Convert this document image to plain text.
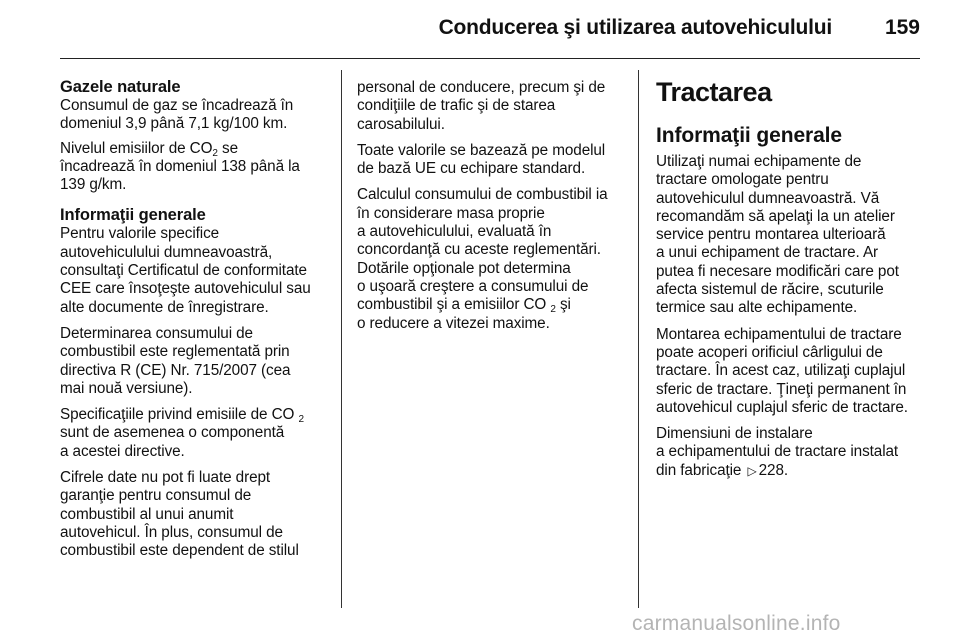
Conducerea şi utilizarea autovehiculului	159
Gazele naturale
Consumul de gaz se încadrează în
domeniul 3,9 până 7,1 kg/100 km.
Nivelul emisiilor de $CO_2$ se
încadrează în domeniul 138 până la
139 g/km.
Informaţii generale
Pentru valorile specifice
autovehiculului dumneavoastră,
consultaţi Certificatul de conformitate
CEE care însoţeşte autovehiculul sau
alte documente de înregistrare.
Determinarea consumului de
combustibil este reglementată prin
directiva R (CE) Nr. 715/2007 (cea
mai nouă versiune).
Specificaţiile privind emisiile de CO $_2$
sunt de asemenea o componentă
a acestei directive.
Cifrele date nu pot fi luate drept
garanţie pentru consumul de
combustibil al unui anumit
autovehicul. În plus, consumul de
combustibil este dependent de stilul
personal de conducere, precum şi de
condiţiile de trafic şi de starea
carosabilului.
Toate valorile se bazează pe modelul
de bază UE cu echipare standard.
Calculul consumului de combustibil ia
în considerare masa proprie
a autovehiculului, evaluată în
concordanţă cu aceste reglementări.
Dotările opţionale pot determina
o uşoară creştere a consumului de
combustibil şi a emisiilor CO $_2$ şi
o reducere a vitezei maxime.
Tractarea
Informaţii generale
Utilizaţi numai echipamente de
tractare omologate pentru
autovehiculul dumneavoastră. Vă
recomandăm să apelaţi la un atelier
service pentru montarea ulterioară
a unui echipament de tractare. Ar
putea fi necesare modificări care pot
afecta sistemul de răcire, scuturile
termice sau alte echipamente.
Montarea echipamentului de tractare
poate acoperi orificiul cârligului de
tractare. În acest caz, utilizaţi cuplajul
sferic de tractare. Ţineţi permanent în
autovehicul cuplajul sferic de tractare.
Dimensiuni de instalare
a echipamentului de tractare instalat
din fabricaţie ▷ 228.
carmanualsonline.info
